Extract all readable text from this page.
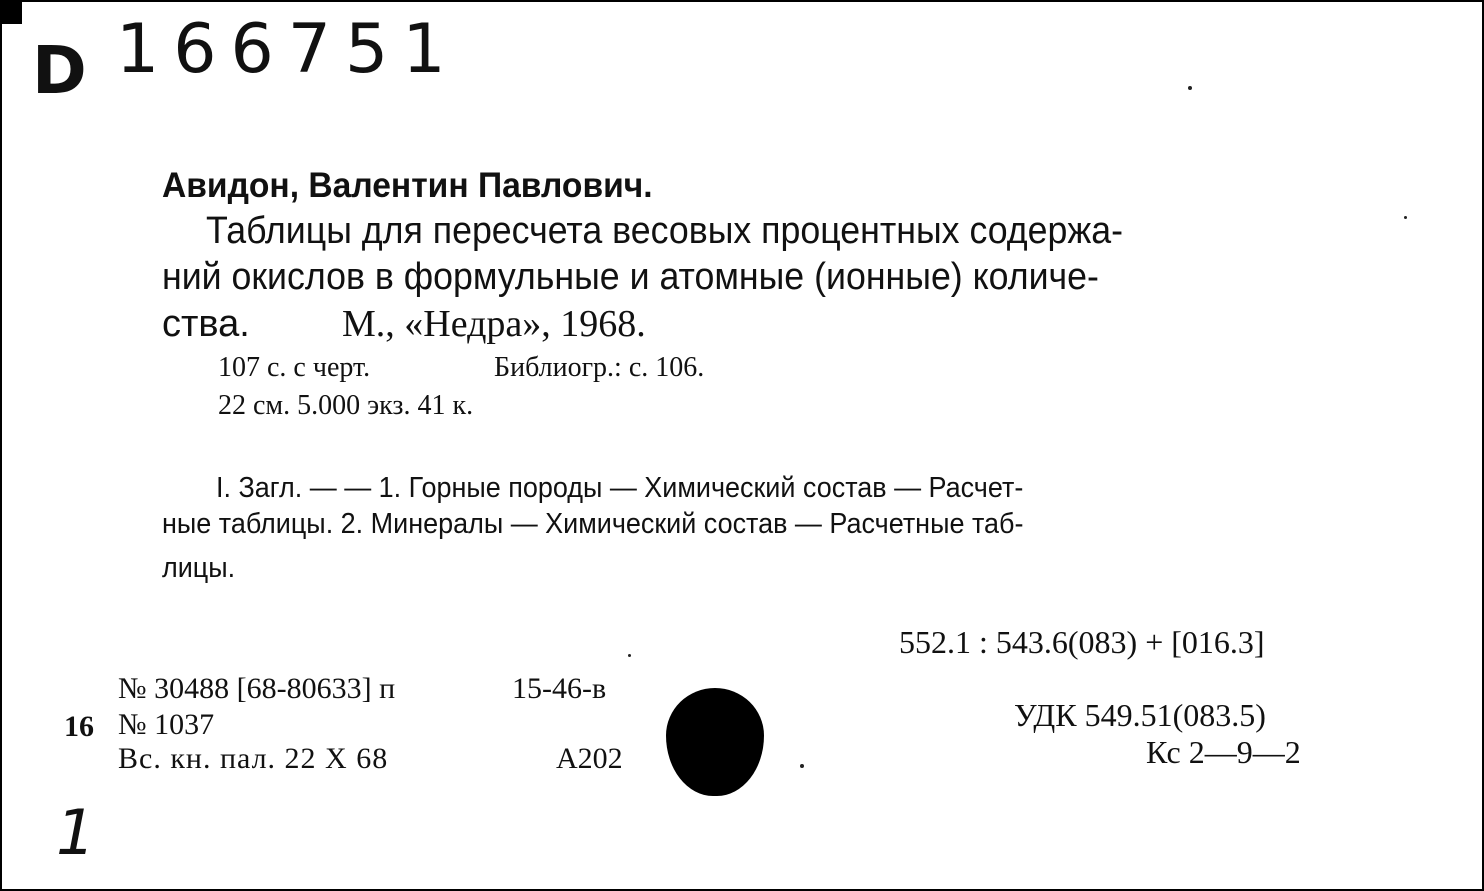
D 166751

Авидон, Валентин Павлович.

Таблицы для пересчета весовых процентных содержа-

ний окислов в формульные и атомные (ионные) количе-

ства. М., «Недра», 1968.

107 с. с черт.	Библиогр.: с. 106.

22 см. 5.000 экз. 41 к.

I. Загл. — — 1. Горные породы — Химический состав — Расчет-

ные таблицы. 2. Минералы — Химический состав — Расчетные таб-

лицы.

552.1 : 543.6(083) + [016.3]

УДК 549.51(083.5)

Кс 2—9—2

№ 30488 [68-80633] п	15-46-в

16 № 1037

Вс. кн. пал. 22 X 68	А202

1
